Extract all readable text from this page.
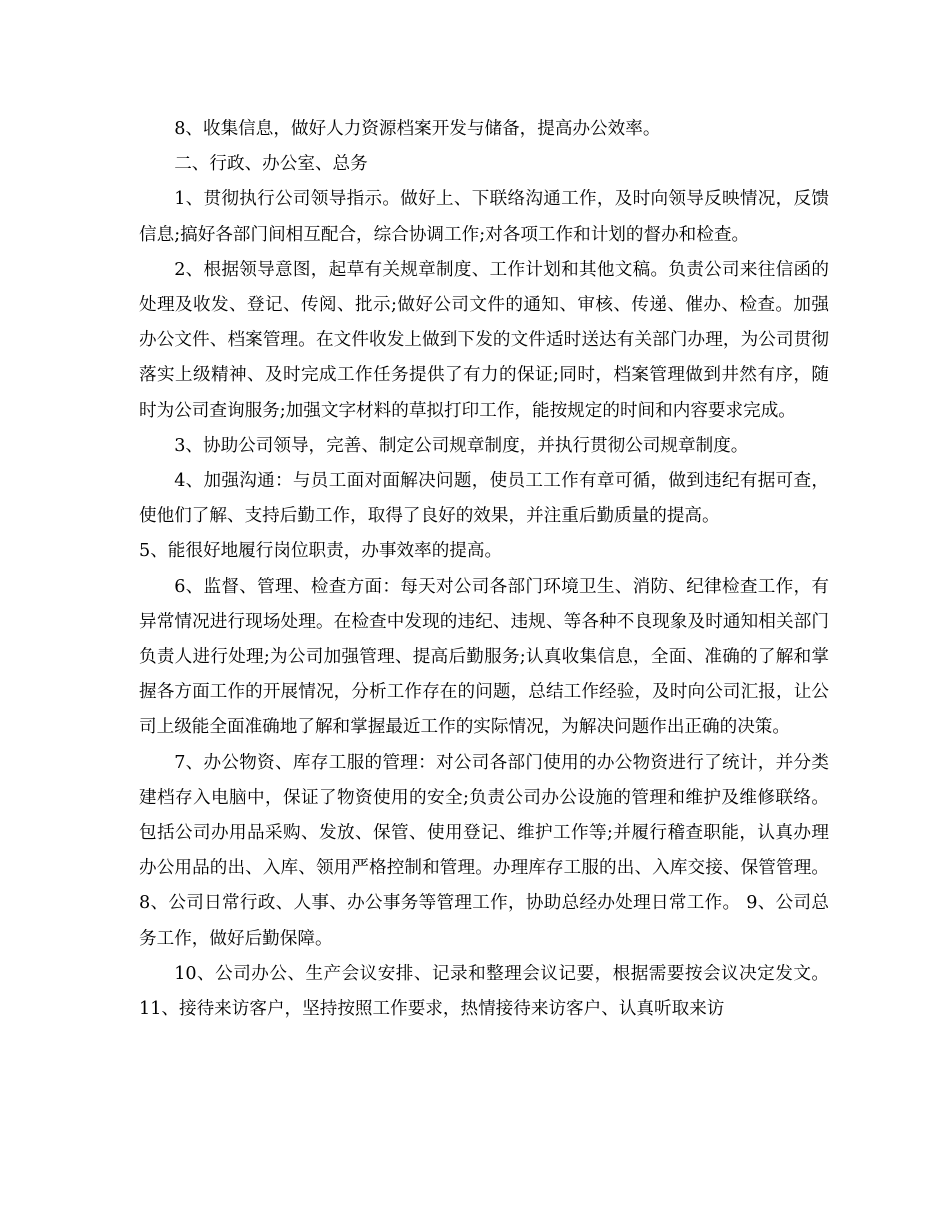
8、收集信息，做好人力资源档案开发与储备，提高办公效率。

二、行政、办公室、总务

1、贯彻执行公司领导指示。做好上、下联络沟通工作，及时向领导反映情况，反馈信息;搞好各部门间相互配合，综合协调工作;对各项工作和计划的督办和检查。

2、根据领导意图，起草有关规章制度、工作计划和其他文稿。负责公司来往信函的处理及收发、登记、传阅、批示;做好公司文件的通知、审核、传递、催办、检查。加强办公文件、档案管理。在文件收发上做到下发的文件适时送达有关部门办理，为公司贯彻落实上级精神、及时完成工作任务提供了有力的保证;同时，档案管理做到井然有序，随时为公司查询服务;加强文字材料的草拟打印工作，能按规定的时间和内容要求完成。

3、协助公司领导，完善、制定公司规章制度，并执行贯彻公司规章制度。

4、加强沟通：与员工面对面解决问题，使员工工作有章可循，做到违纪有据可查，使他们了解、支持后勤工作，取得了良好的效果，并注重后勤质量的提高。

5、能很好地履行岗位职责，办事效率的提高。

6、监督、管理、检查方面：每天对公司各部门环境卫生、消防、纪律检查工作，有异常情况进行现场处理。在检查中发现的违纪、违规、等各种不良现象及时通知相关部门负责人进行处理;为公司加强管理、提高后勤服务;认真收集信息，全面、准确的了解和掌握各方面工作的开展情况，分析工作存在的问题，总结工作经验，及时向公司汇报，让公司上级能全面准确地了解和掌握最近工作的实际情况，为解决问题作出正确的决策。

7、办公物资、库存工服的管理：对公司各部门使用的办公物资进行了统计，并分类建档存入电脑中，保证了物资使用的安全;负责公司办公设施的管理和维护及维修联络。包括公司办用品采购、发放、保管、使用登记、维护工作等;并履行稽查职能，认真办理办公用品的出、入库、领用严格控制和管理。办理库存工服的出、入库交接、保管管理。 8、公司日常行政、人事、办公事务等管理工作，协助总经办处理日常工作。 9、公司总务工作，做好后勤保障。

10、公司办公、生产会议安排、记录和整理会议记要，根据需要按会议决定发文。 11、接待来访客户，坚持按照工作要求，热情接待来访客户、认真听取来访
